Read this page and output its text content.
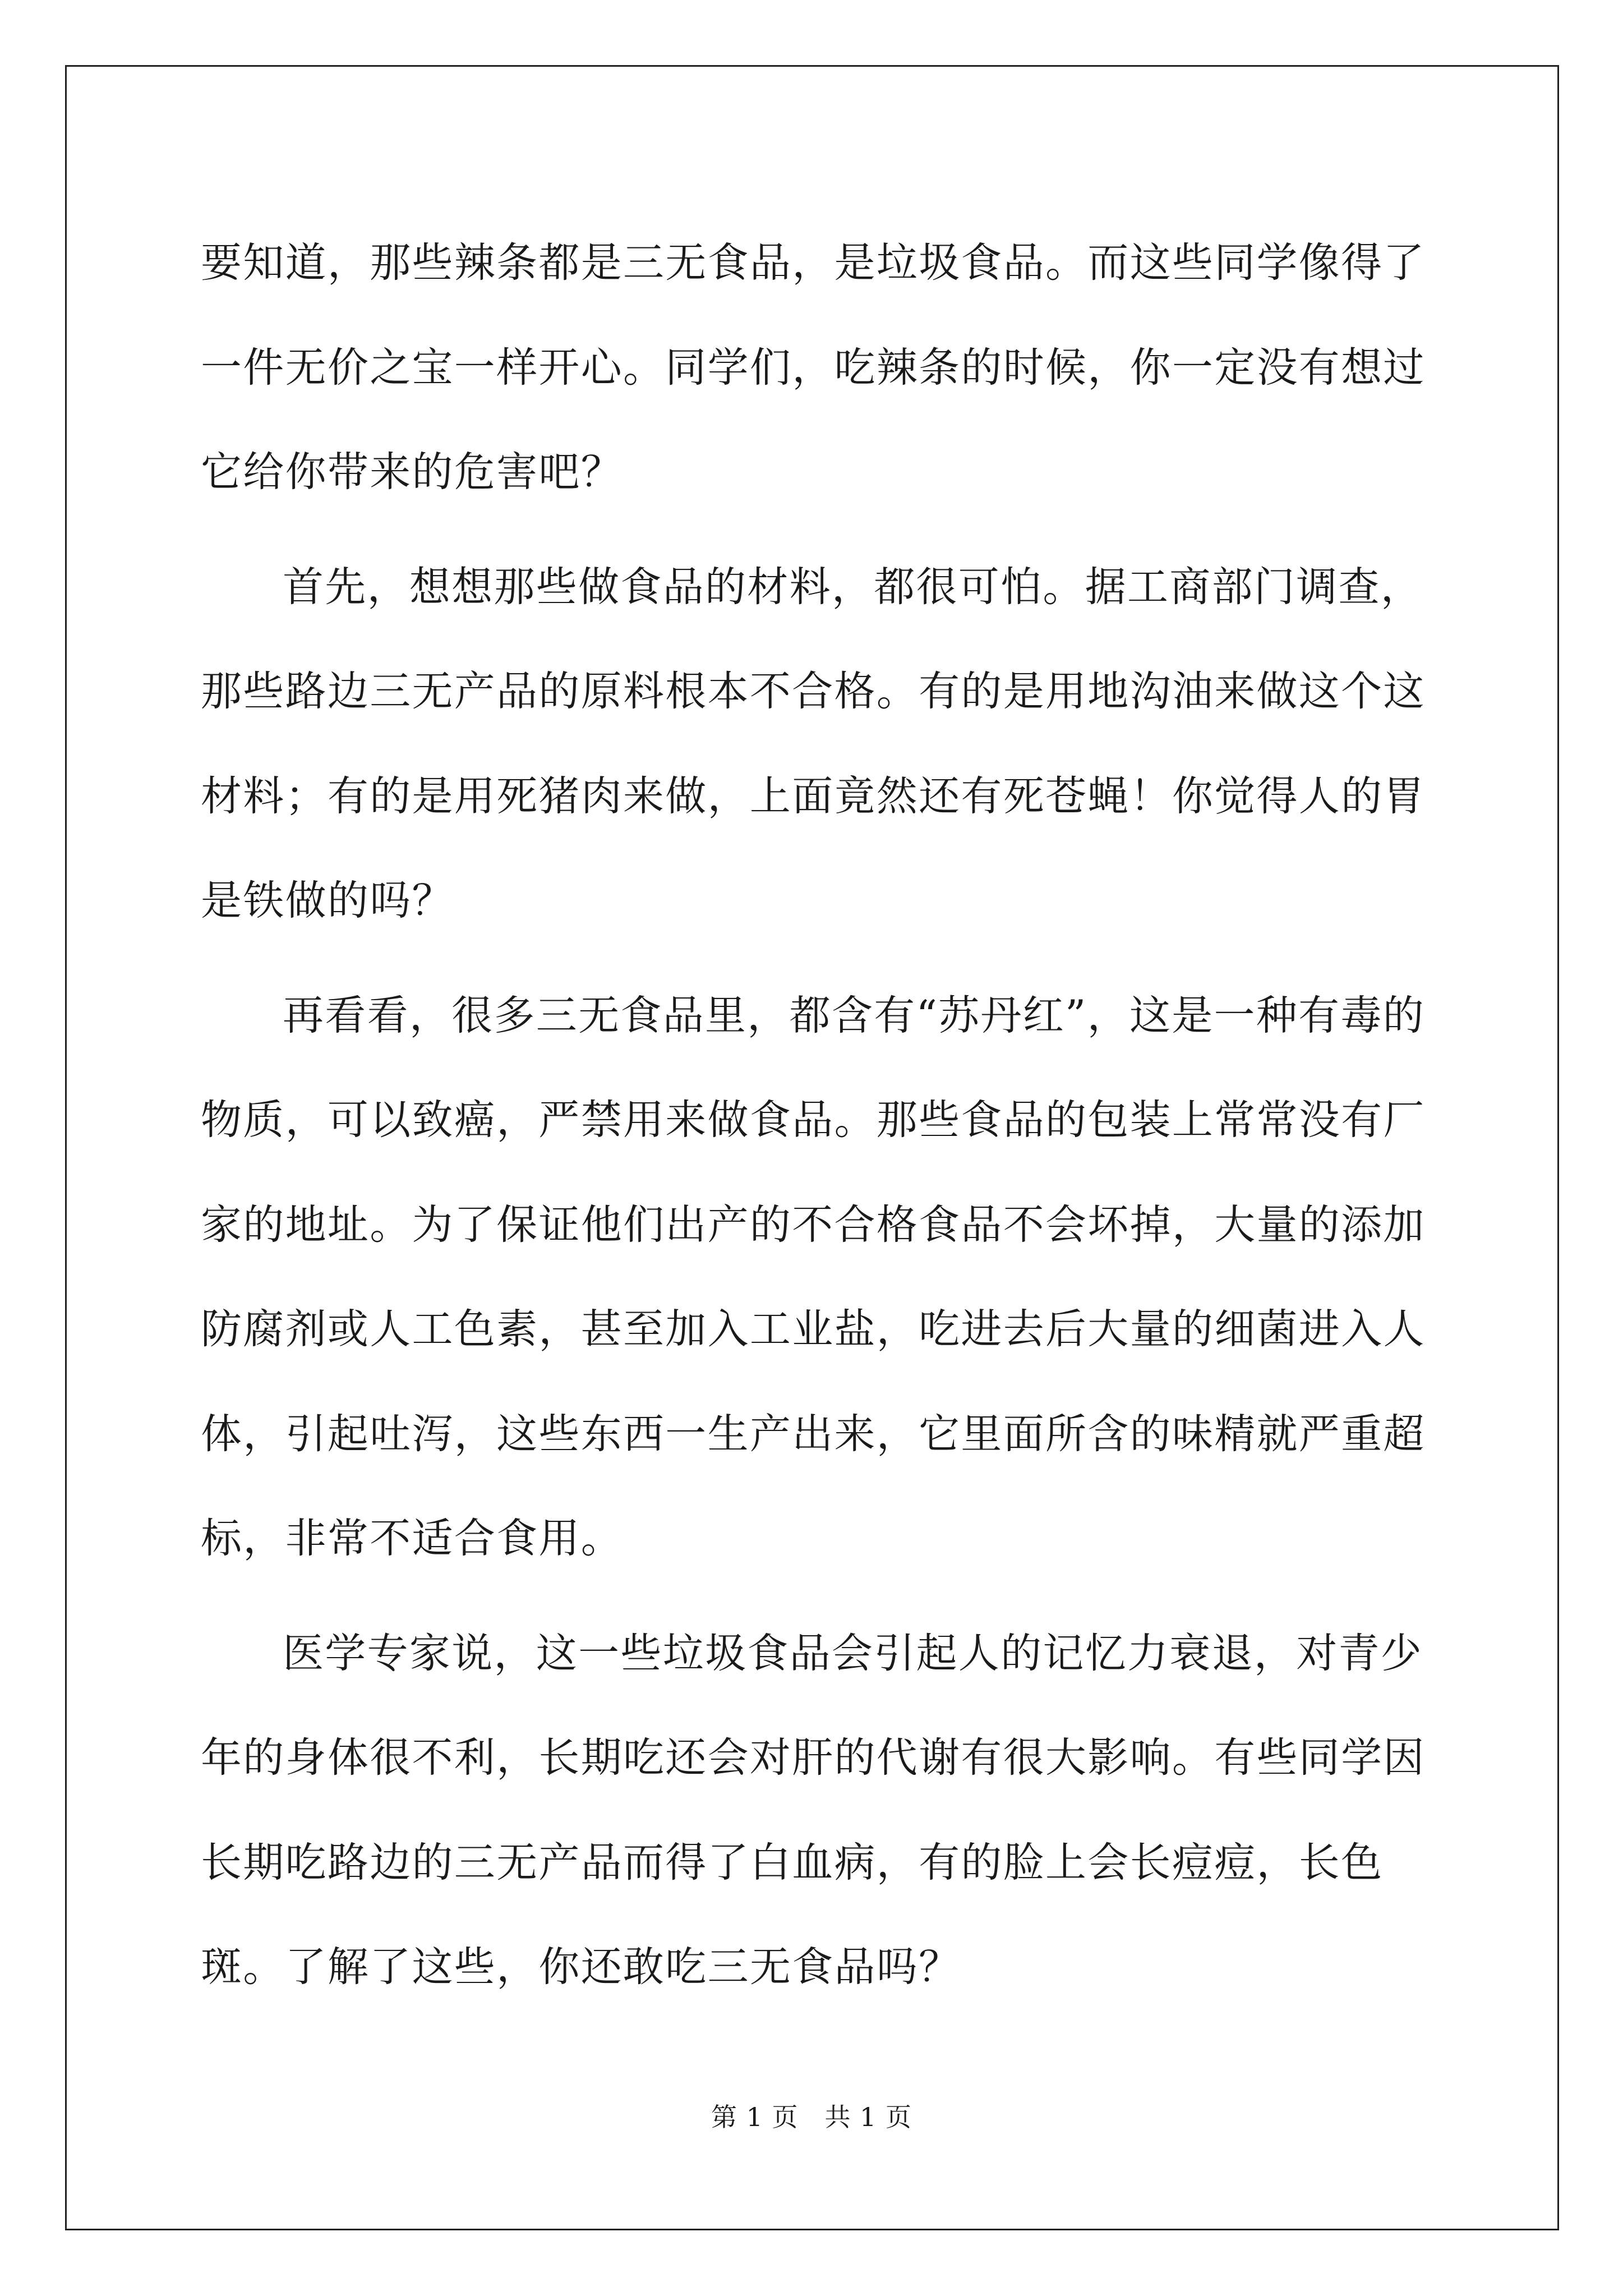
要知道，那些辣条都是三无食品，是垃圾食品。而这些同学像得了一件无价之宝一样开心。同学们，吃辣条的时候，你一定没有想过它给你带来的危害吧？

首先，想想那些做食品的材料，都很可怕。据工商部门调查，那些路边三无产品的原料根本不合格。有的是用地沟油来做这个这材料；有的是用死猪肉来做，上面竟然还有死苍蝇！你觉得人的胃是铁做的吗？

再看看，很多三无食品里，都含有“苏丹红”，这是一种有毒的物质，可以致癌，严禁用来做食品。那些食品的包装上常常没有厂家的地址。为了保证他们出产的不合格食品不会坏掉，大量的添加防腐剂或人工色素，甚至加入工业盐，吃进去后大量的细菌进入人体，引起吐泻，这些东西一生产出来，它里面所含的味精就严重超标，非常不适合食用。

医学专家说，这一些垃圾食品会引起人的记忆力衰退，对青少年的身体很不利，长期吃还会对肝的代谢有很大影响。有些同学因长期吃路边的三无产品而得了白血病，有的脸上会长痘痘，长色斑。了解了这些，你还敢吃三无食品吗？

第 1 页 共 1 页
